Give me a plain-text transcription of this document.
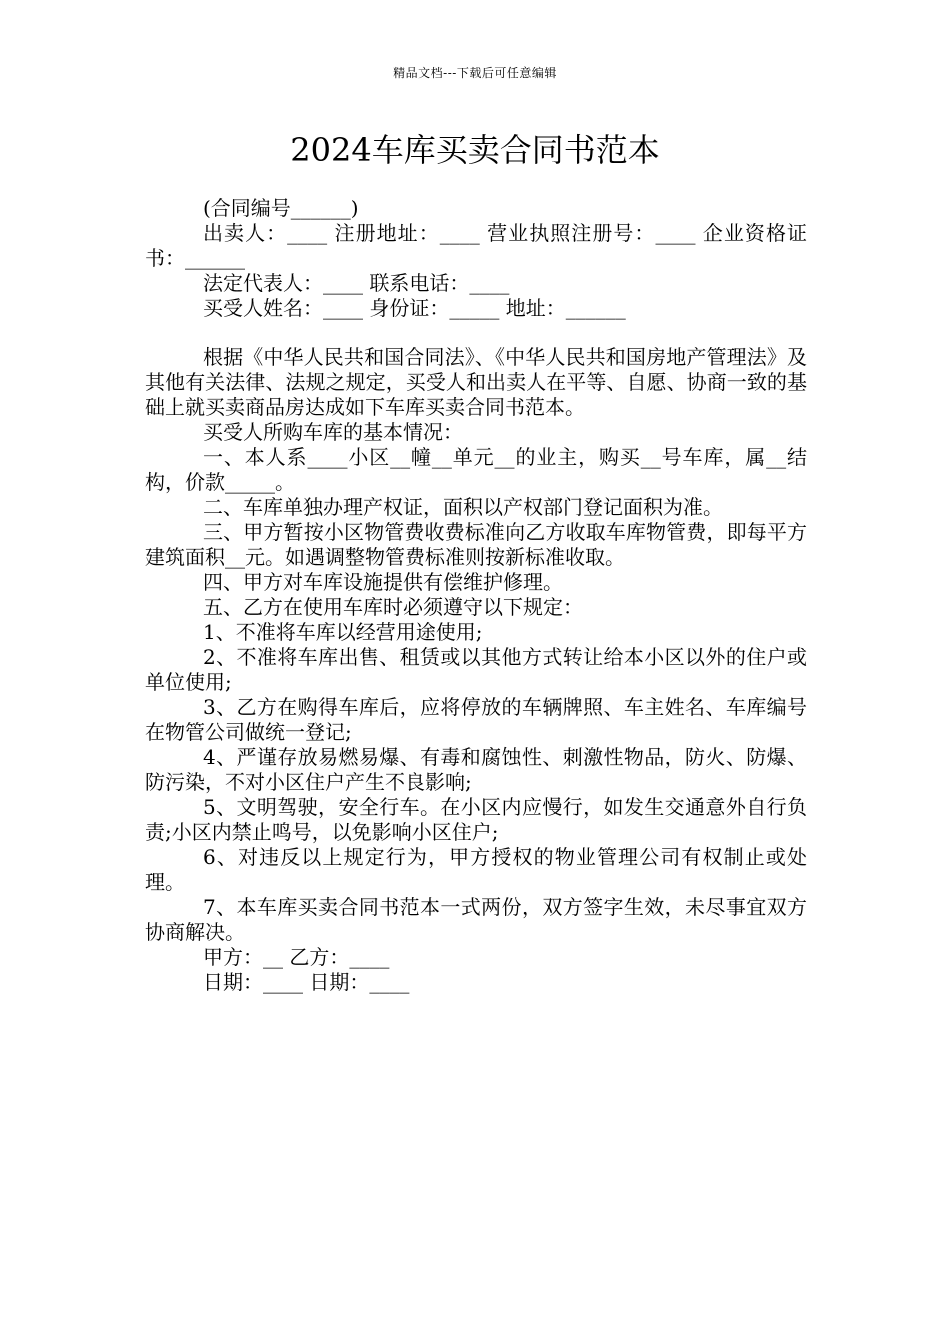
精品文档---下载后可任意编辑
2024车库买卖合同书范本

(合同编号______)

出卖人：____ 注册地址：____ 营业执照注册号：____ 企业资格证书：______

法定代表人：____ 联系电话：____

买受人姓名：____ 身份证：_____ 地址：______

根据《中华人民共和国合同法》、《中华人民共和国房地产管理法》及其他有关法律、法规之规定，买受人和出卖人在平等、自愿、协商一致的基础上就买卖商品房达成如下车库买卖合同书范本。

买受人所购车库的基本情况：

一、本人系____小区__幢__单元__的业主，购买__号车库，属__结构，价款_____。

二、车库单独办理产权证，面积以产权部门登记面积为准。

三、甲方暂按小区物管费收费标准向乙方收取车库物管费，即每平方建筑面积__元。如遇调整物管费标准则按新标准收取。

四、甲方对车库设施提供有偿维护修理。

五、乙方在使用车库时必须遵守以下规定：

1、不准将车库以经营用途使用;

2、不准将车库出售、租赁或以其他方式转让给本小区以外的住户或单位使用;

3、乙方在购得车库后，应将停放的车辆牌照、车主姓名、车库编号在物管公司做统一登记;

4、严谨存放易燃易爆、有毒和腐蚀性、刺激性物品，防火、防爆、防污染，不对小区住户产生不良影响;

5、文明驾驶，安全行车。在小区内应慢行，如发生交通意外自行负责;小区内禁止鸣号，以免影响小区住户;

6、对违反以上规定行为，甲方授权的物业管理公司有权制止或处理。

7、本车库买卖合同书范本一式两份，双方签字生效，未尽事宜双方协商解决。

甲方：__ 乙方：____

日期：____ 日期：____
